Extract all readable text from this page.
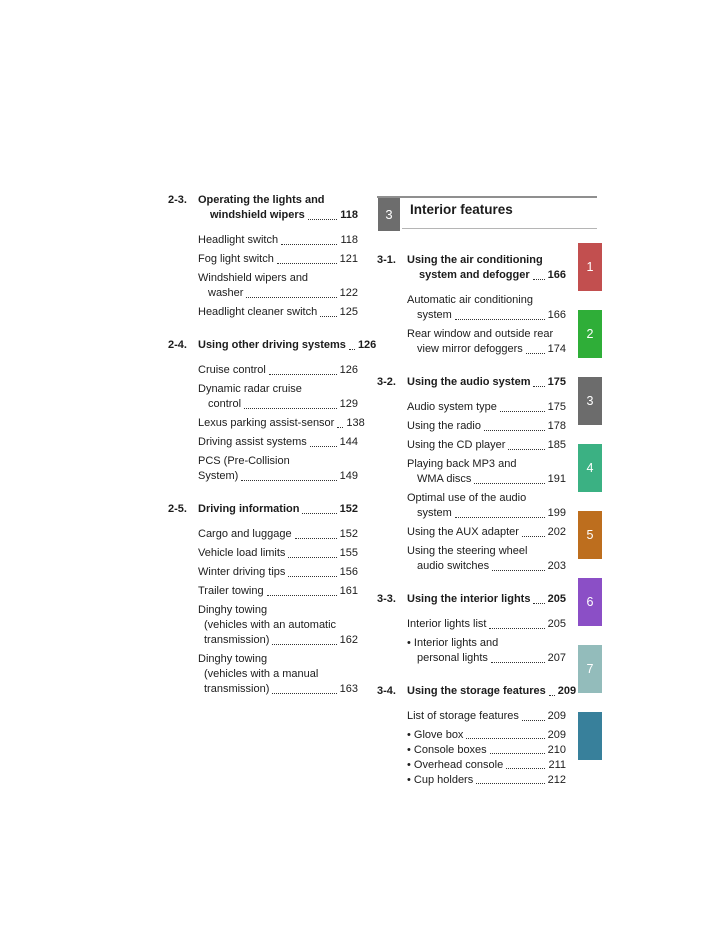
2-3.	Operating the lights and
windshield wipers	118
Headlight switch	118
Fog light switch	121
Windshield wipers and
washer	122
Headlight cleaner switch 125
2-4.	Using other driving systems 126
Cruise control	126
Dynamic radar cruise
control	129
Lexus parking assist-sensor 138
Driving assist systems	144
PCS (Pre-Collision
System)	149
2-5.	Driving information	152
Cargo and luggage	152
Vehicle load limits	155
Winter driving tips	156
Trailer towing	161
Dinghy towing
(vehicles with an automatic
transmission)	162
Dinghy towing
(vehicles with a manual
transmission)	163
3 Interior features
3-1.	Using the air conditioning
system and defogger 166
Automatic air conditioning
system	166
Rear window and outside rear
view mirror defoggers 174
3-2.	Using the audio system 175
Audio system type	175
Using the radio	178
Using the CD player	185
Playing back MP3 and
WMA discs	191
Optimal use of the audio
system	199
Using the AUX adapter	202
Using the steering wheel
audio switches	203
3-3.	Using the interior lights 205
Interior lights list	205
• Interior lights and
personal lights	207
3-4.	Using the storage features 209
List of storage features	209
• Glove box	209
• Console boxes	210
• Overhead console	211
• Cup holders	212
1
2
3
4
5
6
7
